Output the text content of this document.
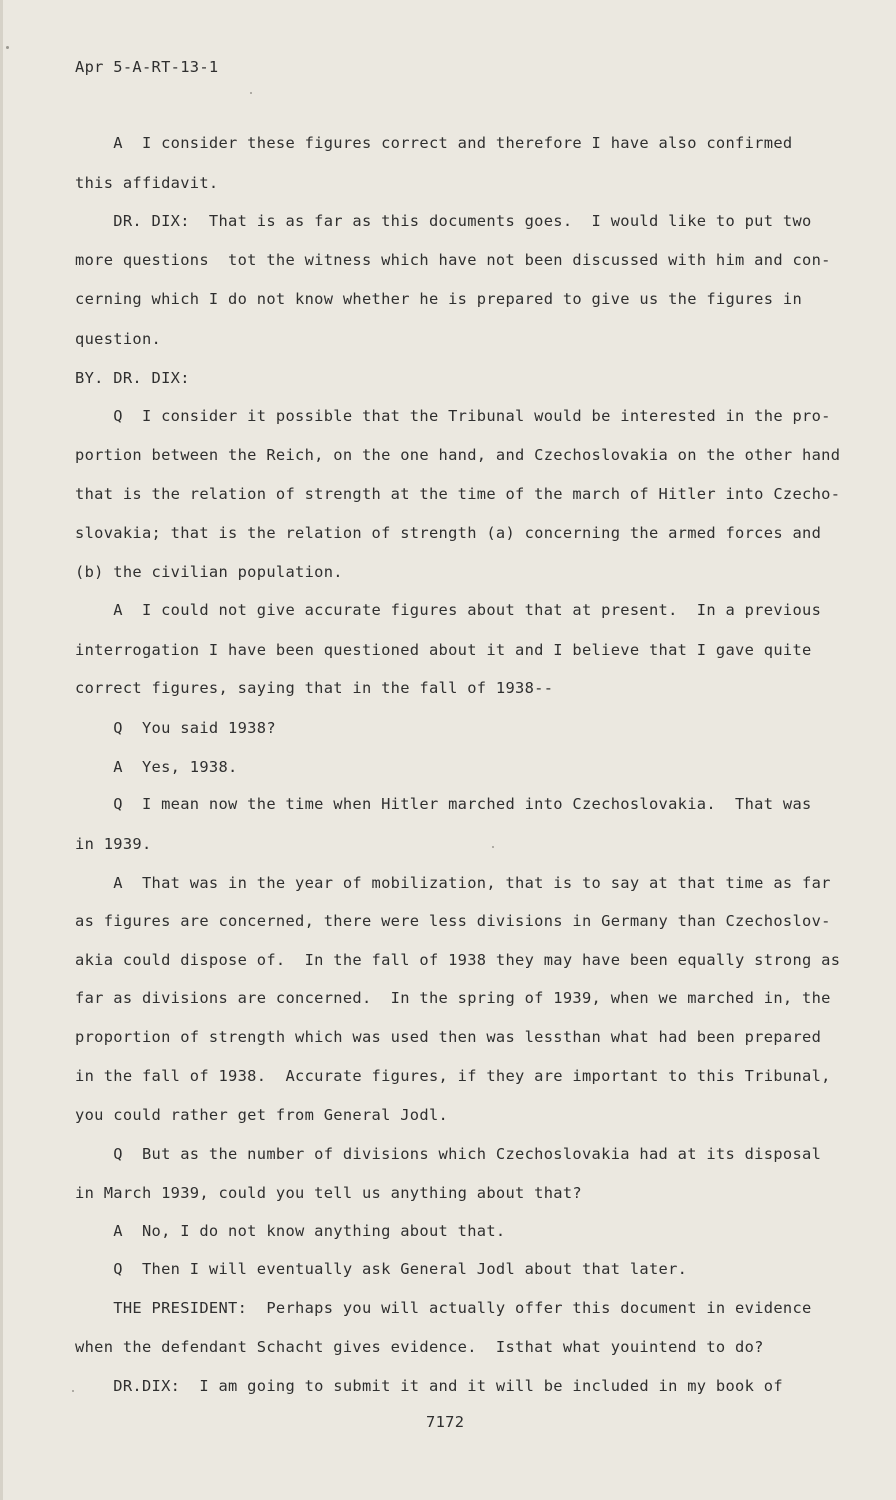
Apr 5-A-RT-13-1
A  I consider these figures correct and therefore I have also confirmed
this affidavit.
DR. DIX:  That is as far as this documents goes.  I would like to put two
more questions  tot the witness which have not been discussed with him and con-
cerning which I do not know whether he is prepared to give us the figures in
question.
BY. DR. DIX:
Q  I consider it possible that the Tribunal would be interested in the pro-
portion between the Reich, on the one hand, and Czechoslovakia on the other hand
that is the relation of strength at the time of the march of Hitler into Czecho-
slovakia; that is the relation of strength (a) concerning the armed forces and
(b) the civilian population.
A  I could not give accurate figures about that at present.  In a previous
interrogation I have been questioned about it and I believe that I gave quite
correct figures, saying that in the fall of 1938--
Q  You said 1938?
A  Yes, 1938.
Q  I mean now the time when Hitler marched into Czechoslovakia.  That was
in 1939.
A  That was in the year of mobilization, that is to say at that time as far
as figures are concerned, there were less divisions in Germany than Czechoslov-
akia could dispose of.  In the fall of 1938 they may have been equally strong as
far as divisions are concerned.  In the spring of 1939, when we marched in, the
proportion of strength which was used then was lessthan what had been prepared
in the fall of 1938.  Accurate figures, if they are important to this Tribunal,
you could rather get from General Jodl.
Q  But as the number of divisions which Czechoslovakia had at its disposal
in March 1939, could you tell us anything about that?
A  No, I do not know anything about that.
Q  Then I will eventually ask General Jodl about that later.
THE PRESIDENT:  Perhaps you will actually offer this document in evidence
when the defendant Schacht gives evidence.  Isthat what youintend to do?
DR.DIX:  I am going to submit it and it will be included in my book of
7172
